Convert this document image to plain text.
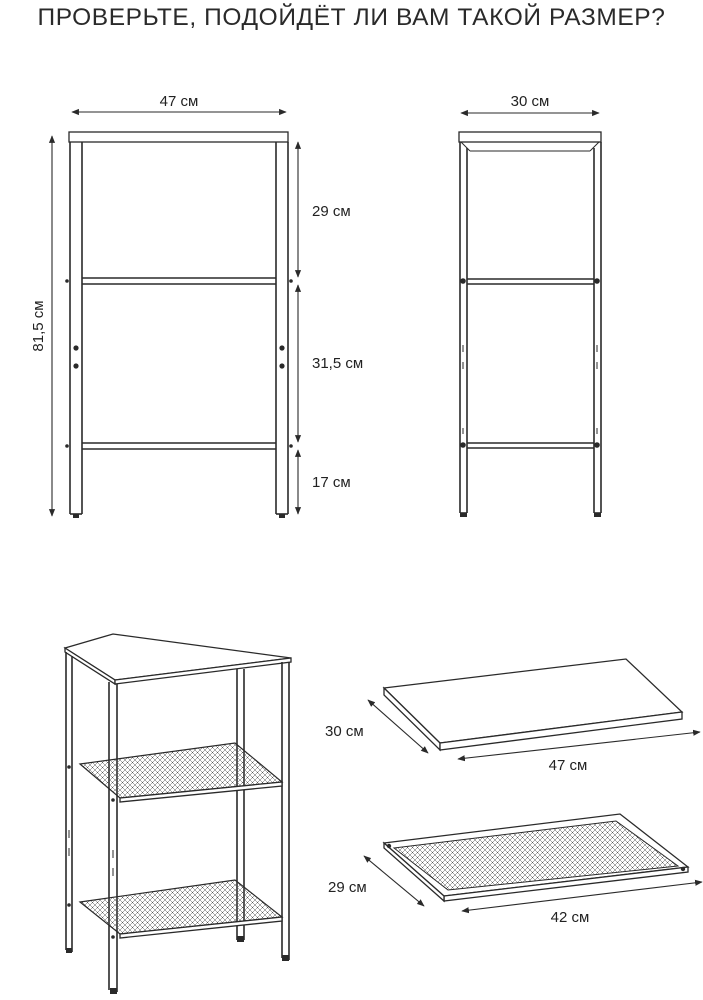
ПРОВЕРЬТЕ, ПОДОЙДЁТ ЛИ ВАМ ТАКОЙ РАЗМЕР?
47 см
81,5 см
29 см
31,5 см
17 см
30 см
30 см
47 см
29 см
42 см
